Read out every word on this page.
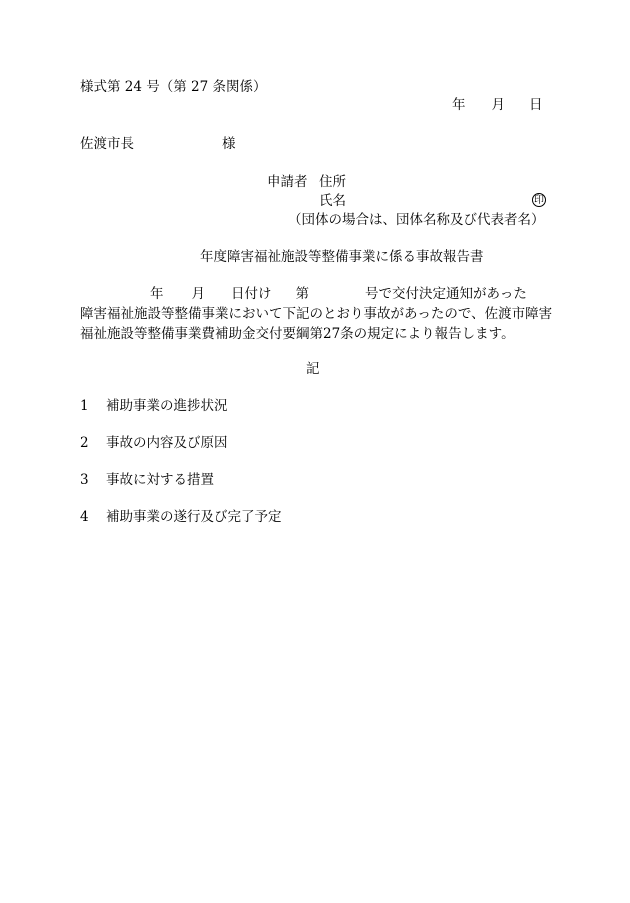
様式第 24 号（第 27 条関係）
年 月 日
佐渡市長	様
申請者 住所
氏名	印
（団体の場合は、団体名称及び代表者名）
年度障害福祉施設等整備事業に係る事故報告書
年 月 日付け 第	号で交付決定通知があった
障害福祉施設等整備事業において下記のとおり事故があったので、佐渡市障害
福祉施設等整備事業費補助金交付要綱第27条の規定により報告します。
記
1 補助事業の進捗状況
2 事故の内容及び原因
3 事故に対する措置
4 補助事業の遂行及び完了予定
